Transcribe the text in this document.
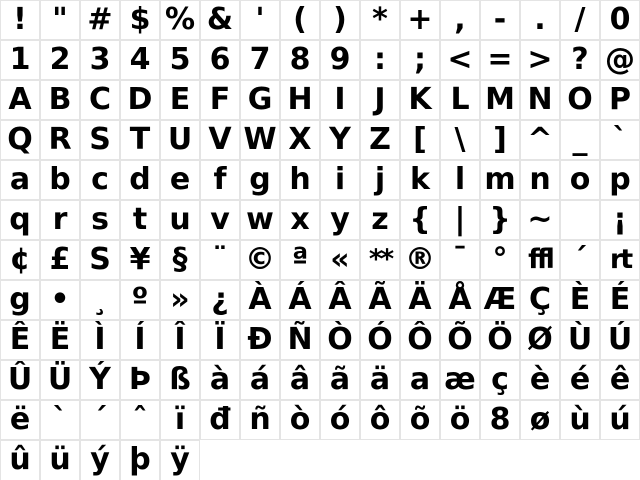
! " # $ % & ' ( ) * + , - . / 0
1 2 3 4 5 6 7 8 9 : ; < = > ? @
A B C D E F G H I J K L M N O P
Q R S T U V W X Y Z [ \ ] ^ _ `
a b c d e f g h i j k l m n o p
q r s t u v w x y z { | } ~	¡
¢ £ S ¥ § ¨ © ª « ** ® ¯ ° ffl ´ rt
g • ¸ º » ¿ À Á Â Ã Ä Å Æ Ç È É
Ê Ë Ì Í Î Ï Ð Ñ Ò Ó Ô Õ Ö Ø Ù Ú
Û Ü Ý Þ ß à á â ã ä a æ ç è é ê
ë ` ´ ˆ ï đ ñ ò ó ô õ ö 8 ø ù ú
û ü ý þ ÿ
